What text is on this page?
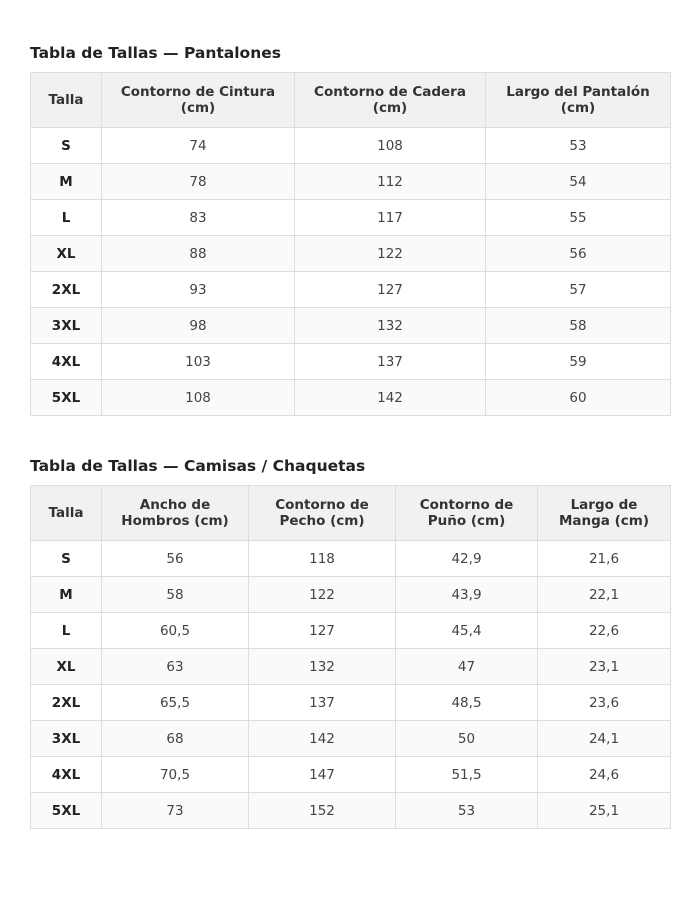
Tabla de Tallas — Pantalones
Talla	Contorno de Cintura (cm)	Contorno de Cadera (cm)	Largo del Pantalón (cm)
S	74	108	53
M	78	112	54
L	83	117	55
XL	88	122	56
2XL	93	127	57
3XL	98	132	58
4XL	103	137	59
5XL	108	142	60
Tabla de Tallas — Camisas / Chaquetas
Talla	Ancho de Hombros (cm)	Contorno de Pecho (cm)	Contorno de Puño (cm)	Largo de Manga (cm)
S	56	118	42,9	21,6
M	58	122	43,9	22,1
L	60,5	127	45,4	22,6
XL	63	132	47	23,1
2XL	65,5	137	48,5	23,6
3XL	68	142	50	24,1
4XL	70,5	147	51,5	24,6
5XL	73	152	53	25,1
